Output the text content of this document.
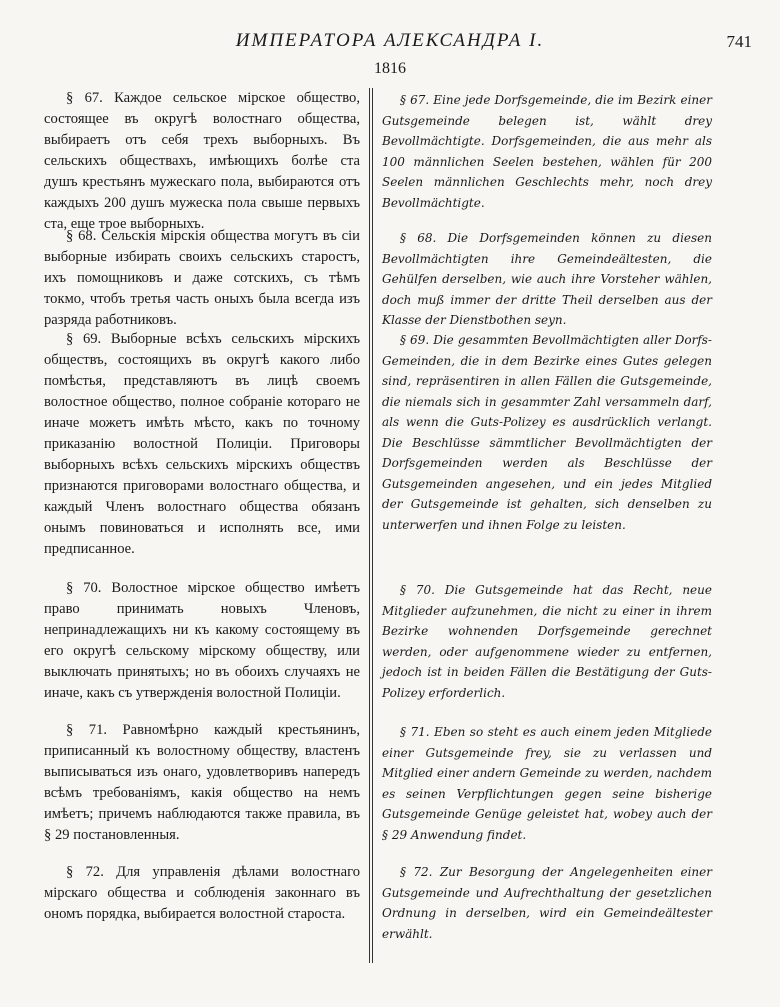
ИМПЕРАТОРА АЛЕКСАНДРА I.	741
1816

§ 67. Каждое сельское мірское общество, состоящее въ округѣ волостнаго общества, выбираетъ отъ себя трехъ выборныхъ. Въ сельскихъ обществахъ, имѣющихъ болѣе ста душъ крестьянъ мужескаго пола, выбираются отъ каждыхъ 200 душъ мужеска пола свыше первыхъ ста, еще трое выборныхъ.

§ 68. Сельскія мірскія общества могутъ въ сіи выборные избирать своихъ сельскихъ старостъ, ихъ помощниковъ и даже сотскихъ, съ тѣмъ токмо, чтобъ третья часть оныхъ была всегда изъ разряда работниковъ.

§ 69. Выборные всѣхъ сельскихъ мірскихъ обществъ, состоящихъ въ округѣ какого либо помѣстья, представляютъ въ лицѣ своемъ волостное общество, полное собраніе котораго не иначе можетъ имѣть мѣсто, какъ по точному приказанію волостной Полиціи. Приговоры выборныхъ всѣхъ сельскихъ мірскихъ обществъ признаются приговорами волостнаго общества, и каждый Членъ волостнаго общества обязанъ онымъ повиноваться и исполнять все, ими предписанное.

§ 70. Волостное мірское общество имѣетъ право принимать новыхъ Членовъ, непринадлежащихъ ни къ какому состоящему въ его округѣ сельскому мірскому обществу, или выключать принятыхъ; но въ обоихъ случаяхъ не иначе, какъ съ утвержденія волостной Полиціи.

§ 71. Равномѣрно каждый крестьянинъ, приписанный къ волостному обществу, властенъ выписываться изъ онаго, удовлетворивъ напередъ всѣмъ требованіямъ, какія общество на немъ имѣетъ; причемъ наблюдаются также правила, въ § 29 постановленныя.

§ 72. Для управленія дѣлами волостнаго мірскаго общества и соблюденія законнаго въ ономъ порядка, выбирается волостной староста.

§ 67. Eine jede Dorfsgemeinde, die im Bezirk einer Gutsgemeinde belegen ist, wählt drey Bevollmächtigte. Dorfsgemeinden, die aus mehr als 100 männlichen Seelen bestehen, wählen für 200 Seelen männlichen Geschlechts mehr, noch drey Bevollmächtigte.

§ 68. Die Dorfsgemeinden können zu diesen Bevollmächtigten ihre Gemeindeältesten, die Gehülfen derselben, wie auch ihre Vorsteher wählen, doch muß immer der dritte Theil derselben aus der Klasse der Dienstbothen seyn.

§ 69. Die gesammten Bevollmächtigten aller Dorfs-Gemeinden, die in dem Bezirke eines Gutes gelegen sind, repräsentiren in allen Fällen die Gutsgemeinde, die niemals sich in gesammter Zahl versammeln darf, als wenn die Guts-Polizey es ausdrücklich verlangt. Die Beschlüsse sämmtlicher Bevollmächtigten der Dorfsgemeinden werden als Beschlüsse der Gutsgemeinden angesehen, und ein jedes Mitglied der Gutsgemeinde ist gehalten, sich denselben zu unterwerfen und ihnen Folge zu leisten.

§ 70. Die Gutsgemeinde hat das Recht, neue Mitglieder aufzunehmen, die nicht zu einer in ihrem Bezirke wohnenden Dorfsgemeinde gerechnet werden, oder aufgenommene wieder zu entfernen, jedoch ist in beiden Fällen die Bestätigung der Guts-Polizey erforderlich.

§ 71. Eben so steht es auch einem jeden Mitgliede einer Gutsgemeinde frey, sie zu verlassen und Mitglied einer andern Gemeinde zu werden, nachdem es seinen Verpflichtungen gegen seine bisherige Gutsgemeinde Genüge geleistet hat, wobey auch der § 29 Anwendung findet.

§ 72. Zur Besorgung der Angelegenheiten einer Gutsgemeinde und Aufrechthaltung der gesetzlichen Ordnung in derselben, wird ein Gemeindeältester erwählt.
